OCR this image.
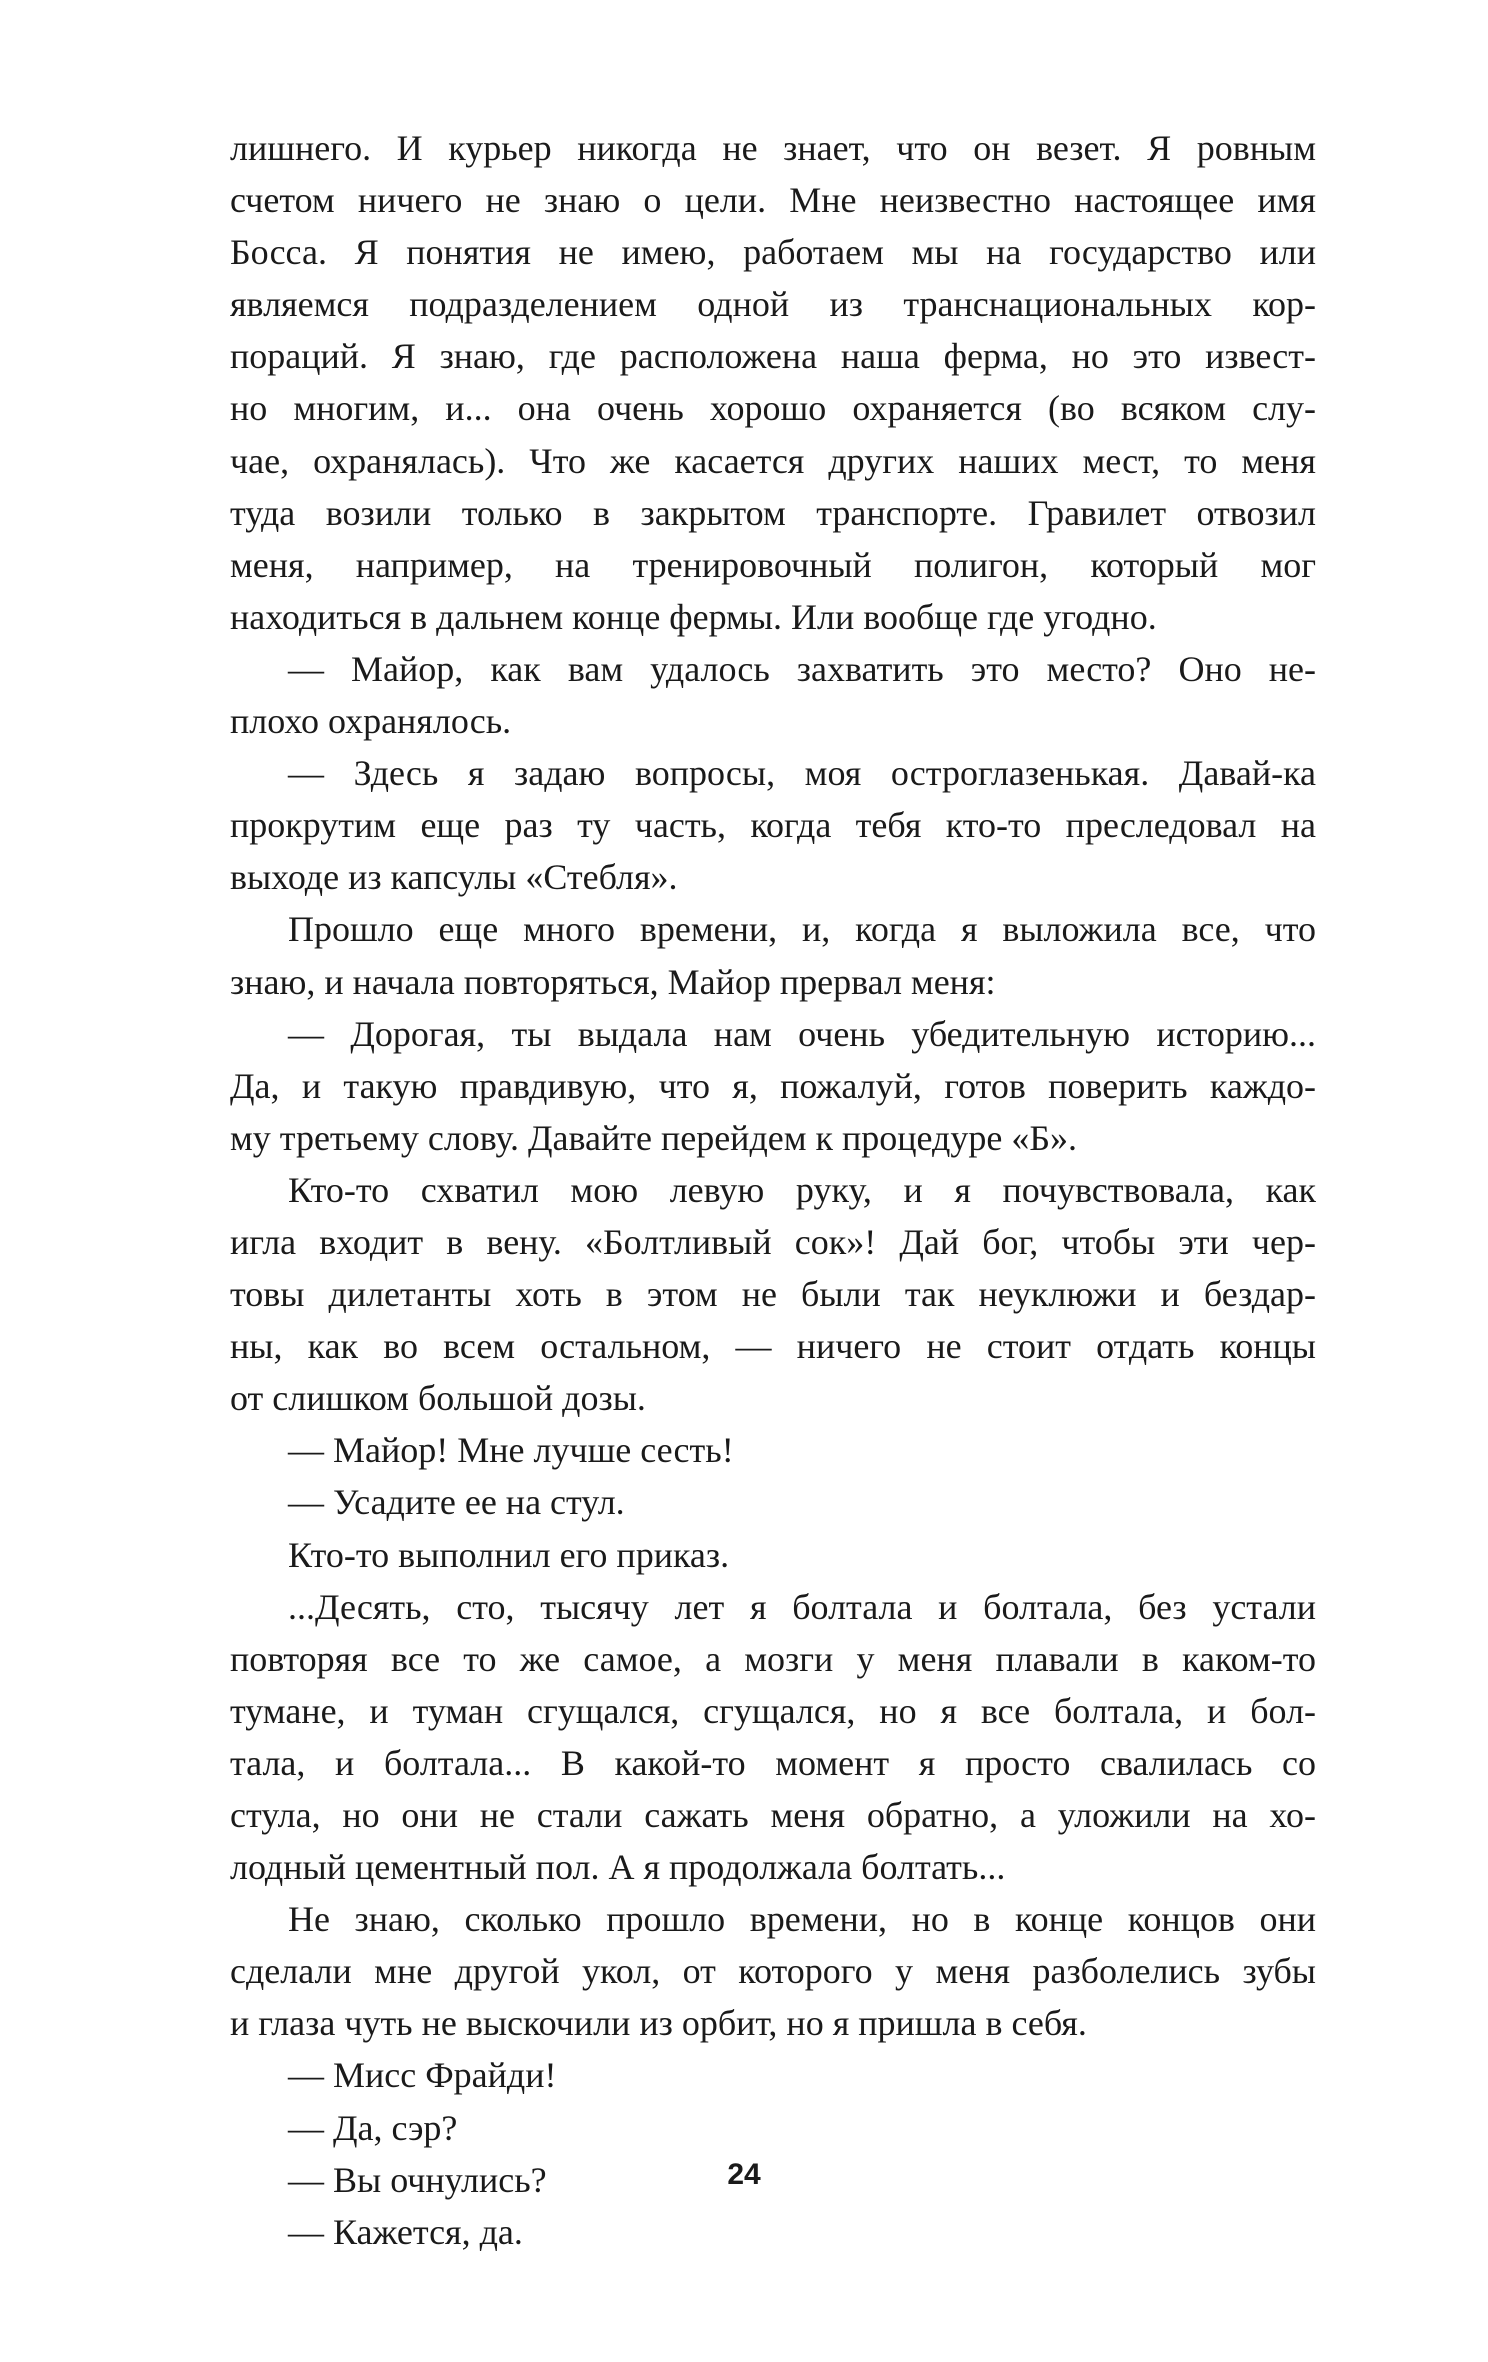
лишнего. И курьер никогда не знает, что он везет. Я ровным
счетом ничего не знаю о цели. Мне неизвестно настоящее имя
Босса. Я понятия не имею, работаем мы на государство или
являемся подразделением одной из транснациональных кор-
пораций. Я знаю, где расположена наша ферма, но это извест-
но многим, и... она очень хорошо охраняется (во всяком слу-
чае, охранялась). Что же касается других наших мест, то меня
туда возили только в закрытом транспорте. Гравилет отвозил
меня, например, на тренировочный полигон, который мог
находиться в дальнем конце фермы. Или вообще где угодно.
— Майор, как вам удалось захватить это место? Оно не-
плохо охранялось.
— Здесь я задаю вопросы, моя остроглазенькая. Давай-ка
прокрутим еще раз ту часть, когда тебя кто-то преследовал на
выходе из капсулы «Стебля».
Прошло еще много времени, и, когда я выложила все, что
знаю, и начала повторяться, Майор прервал меня:
— Дорогая, ты выдала нам очень убедительную историю...
Да, и такую правдивую, что я, пожалуй, готов поверить каждо-
му третьему слову. Давайте перейдем к процедуре «Б».
Кто-то схватил мою левую руку, и я почувствовала, как
игла входит в вену. «Болтливый сок»! Дай бог, чтобы эти чер-
товы дилетанты хоть в этом не были так неуклюжи и бездар-
ны, как во всем остальном, — ничего не стоит отдать концы
от слишком большой дозы.
— Майор! Мне лучше сесть!
— Усадите ее на стул.
Кто-то выполнил его приказ.
...Десять, сто, тысячу лет я болтала и болтала, без устали
повторяя все то же самое, а мозги у меня плавали в каком-то
тумане, и туман сгущался, сгущался, но я все болтала, и бол-
тала, и болтала... В какой-то момент я просто свалилась со
стула, но они не стали сажать меня обратно, а уложили на хо-
лодный цементный пол. А я продолжала болтать...
Не знаю, сколько прошло времени, но в конце концов они
сделали мне другой укол, от которого у меня разболелись зубы
и глаза чуть не выскочили из орбит, но я пришла в себя.
— Мисс Фрайди!
— Да, сэр?
— Вы очнулись?
— Кажется, да.
24
